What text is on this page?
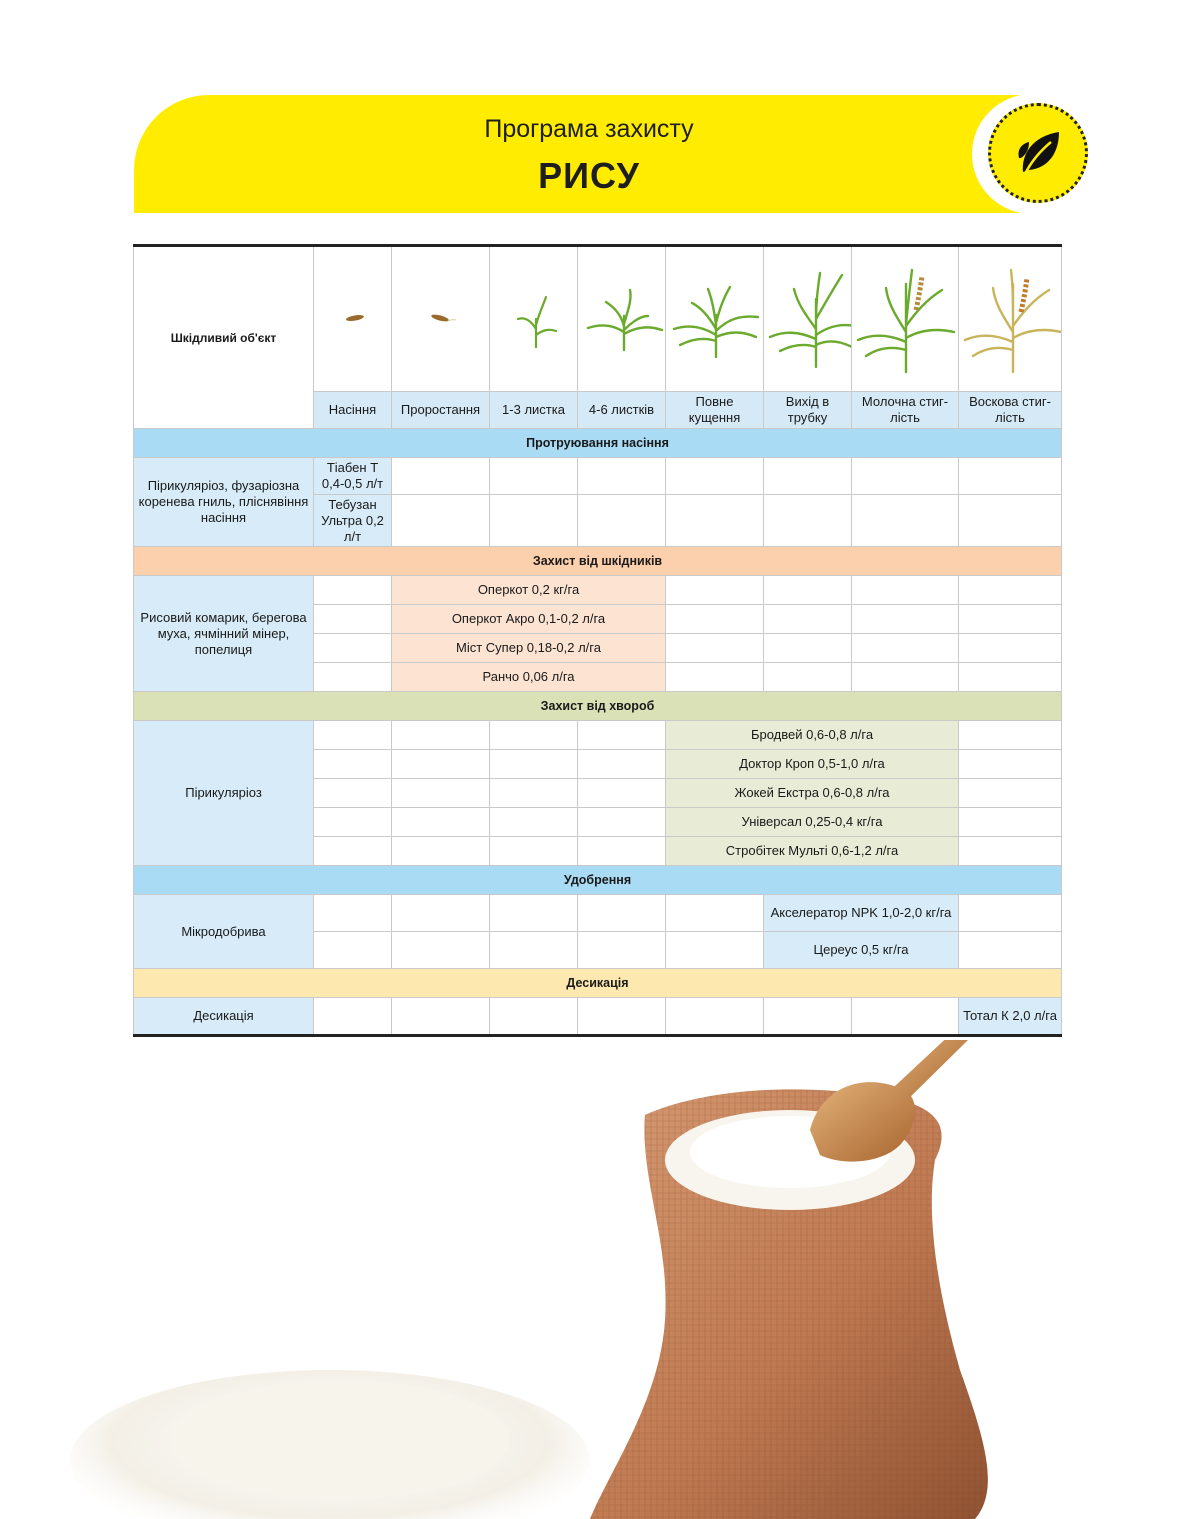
Програма захисту
РИСУ
Шкідливий об'єкт	

	Насіння	Проростання	1-3 листка	4-6 листків	Повне кущення	Вихід в трубку	Молочна стиг-лість	Воскова стиг-лість
Протруювання насіння								
Пірикуляріоз, фузаріозна коренева гниль, пліснявіння насіння	Тіабен Т 0,4-0,5 л/т							
	Тебузан Ультра 0,2 л/т							
Захист від шкідників								
Рисовий комарик, берегова муха, ячмінний мінер, попелиця		Оперкот 0,2 кг/га						
		Оперкот Акро 0,1-0,2 л/га						
		Міст Супер 0,18-0,2 л/га						
		Ранчо 0,06 л/га						
Захист від хвороб								
Пірикуляріоз					Бродвей 0,6-0,8 л/га			
					Доктор Кроп 0,5-1,0 л/га			
					Жокей Екстра 0,6-0,8 л/га			
					Універсал 0,25-0,4 кг/га			
					Стробітек Мульті 0,6-1,2 л/га			
Удобрення								
Мікродобрива						Акселератор NPK 1,0-2,0 кг/га		
						Цереус 0,5 кг/га		
Десикація								
Десикація								Тотал К 2,0 л/га
